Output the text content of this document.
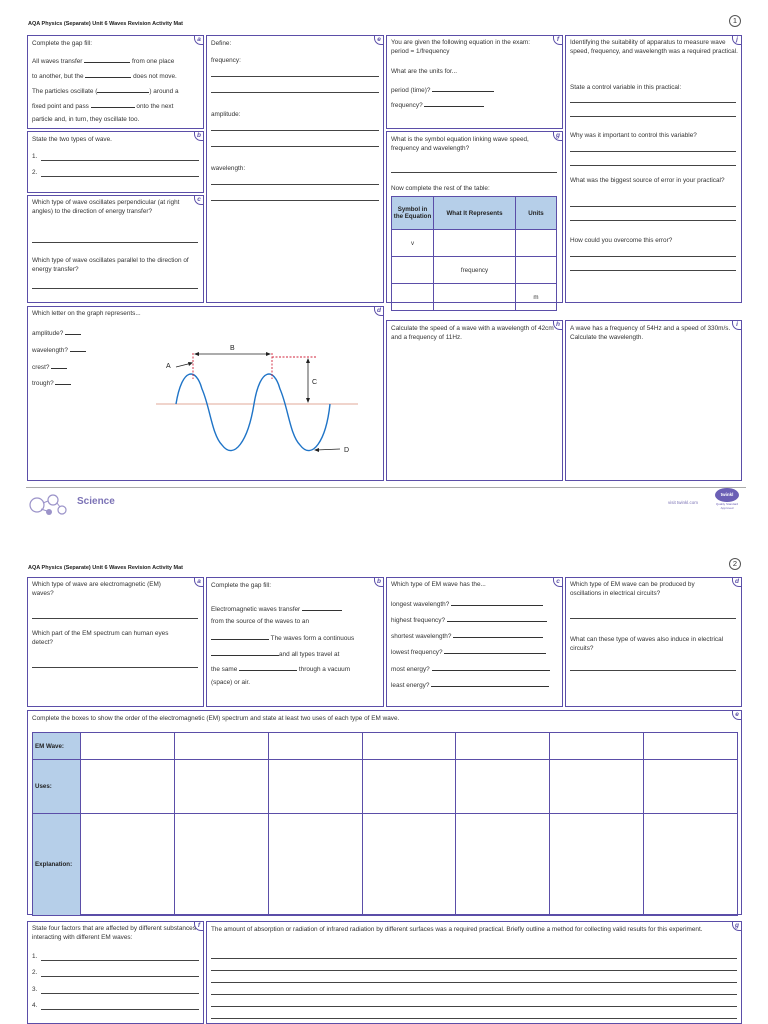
AQA Physics (Separate) Unit 6 Waves Revision Activity Mat	1
a
Complete the gap fill:
All waves transfer	from one place
to another, but the	does not move.
The particles oscillate (	) around a
fixed point and pass	onto the next
particle and, in turn, they oscillate too.
b
State the two types of wave.
1.
2.
c
Which type of wave oscillates perpendicular (at right angles) to the direction of energy transfer?
Which type of wave oscillates parallel to the direction of energy transfer?
e
Define:
frequency:
amplitude:
wavelength:
f
You are given the following equation in the exam: period = 1/frequency
What are the units for...
period (time)?
frequency?
g
What is the symbol equation linking wave speed, frequency and wavelength?
Now complete the rest of the table:
Symbol in the Equation	What It Represents	Units
v		
	frequency	
		m
j
Identifying the suitability of apparatus to measure wave speed, frequency, and wavelength was a required practical.
State a control variable in this practical:
Why was it important to control this variable?
What was the biggest source of error in your practical?
How could you overcome this error?
d
Which letter on the graph represents...
amplitude?
wavelength?
crest?
trough?
A
B
C
D
h
Calculate the speed of a wave with a wavelength of 42cm and a frequency of 11Hz.
i
A wave has a frequency of 54Hz and a speed of 330m/s. Calculate the wavelength.
Science	visit twinkl.com
twinkl
Quality Standard Approved
AQA Physics (Separate) Unit 6 Waves Revision Activity Mat	2
a
Which type of wave are electromagnetic (EM) waves?
Which part of the EM spectrum can human eyes detect?
b
Complete the gap fill:
Electromagnetic waves transfer
from the source of the waves to an
The waves form a continuous
and all types travel at
the same	through a vacuum
(space) or air.
c
Which type of EM wave has the...
longest wavelength?
highest frequency?
shortest wavelength?
lowest frequency?
most energy?
least energy?
d
Which type of EM wave can be produced by oscillations in electrical circuits?
What can these type of waves also induce in electrical circuits?
e
Complete the boxes to show the order of the electromagnetic (EM) spectrum and state at least two uses of each type of EM wave.
EM Wave:							
Uses:							
Explanation:							
f
State four factors that are affected by different substances interacting with different EM waves:
1.
2.
3.
4.
g
The amount of absorption or radiation of infrared radiation by different surfaces was a required practical. Briefly outline a method for collecting valid results for this experiment.
